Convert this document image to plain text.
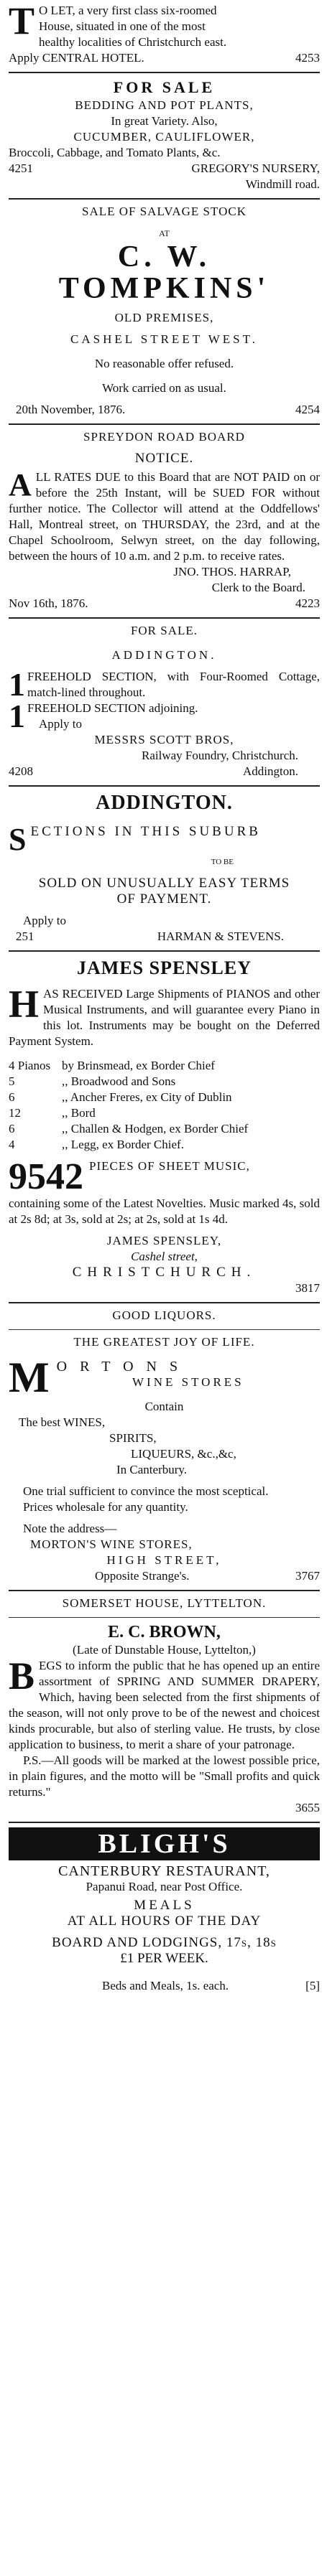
T O LET, a very first class six-roomed

House, situated in one of the most

healthy localities of Christchurch east.

Apply CENTRAL HOTEL.	4253
FOR SALE
BEDDING AND POT PLANTS,
In great Variety. Also,
CUCUMBER, CAULIFLOWER,
Broccoli, Cabbage, and Tomato Plants, &c.
4251	GREGORY'S NURSERY,
Windmill road.
SALE OF SALVAGE STOCK
AT
C. W. TOMPKINS'
OLD PREMISES,
CASHEL STREET WEST.
No reasonable offer refused.
Work carried on as usual.
20th November, 1876.	4254
SPREYDON ROAD BOARD
NOTICE.
A LL RATES DUE to this Board that are NOT PAID on or before the 25th Instant, will be SUED FOR without further notice. The Collector will attend at the Oddfellows' Hall, Montreal street, on THURSDAY, the 23rd, and at the Chapel Schoolroom, Selwyn street, on the day following, between the hours of 10 a.m. and 2 p.m. to receive rates.

JNO. THOS. HARRAP,
Clerk to the Board.
Nov 16th, 1876.	4223
FOR SALE.
ADDINGTON.
1 FREEHOLD SECTION, with Four-Roomed Cottage, match-lined throughout.

1 FREEHOLD SECTION adjoining.

Apply to

MESSRS SCOTT BROS,
Railway Foundry, Christchurch.
4208	Addington.
ADDINGTON.
S ECTIONS IN THIS SUBURB

TO BE
SOLD ON UNUSUALLY EASY TERMS
OF PAYMENT.
Apply to
251	HARMAN & STEVENS.
JAMES SPENSLEY
H AS RECEIVED Large Shipments of PIANOS and other Musical Instruments, and will guarantee every Piano in this lot. Instruments may be bought on the Deferred Payment System.

4 Pianos by Brinsmead, ex Border Chief
5	,, Broadwood and Sons
6	,, Ancher Freres, ex City of Dublin
12	,, Bord
6	,, Challen & Hodgen, ex Border Chief
4	,, Legg, ex Border Chief.
9542 PIECES OF SHEET MUSIC,

containing some of the Latest Novelties. Music marked 4s, sold at 2s 8d; at 3s, sold at 2s; at 2s, sold at 1s 4d.

JAMES SPENSLEY,
Cashel street,
CHRISTCHURCH.
3817
GOOD LIQUORS.
THE GREATEST JOY OF LIFE.
M ORTONS
WINE STORES
Contain
The best WINES,
SPIRITS,
LIQUEURS, &c.,&c,
In Canterbury.

One trial sufficient to convince the most sceptical.

Prices wholesale for any quantity.
Note the address—
MORTON'S WINE STORES,
HIGH STREET,
Opposite Strange's.	3767
SOMERSET HOUSE, LYTTELTON.
E. C. BROWN,
(Late of Dunstable House, Lyttelton,)
B EGS to inform the public that he has opened up an entire assortment of SPRING AND SUMMER DRAPERY, Which, having been selected from the first shipments of the season, will not only prove to be of the newest and choicest kinds procurable, but also of sterling value. He trusts, by close application to business, to merit a share of your patronage.

P.S.—All goods will be marked at the lowest possible price, in plain figures, and the motto will be "Small profits and quick returns."

3655
BLIGH'S
CANTERBURY RESTAURANT,
Papanui Road, near Post Office.
MEALS
AT ALL HOURS OF THE DAY
BOARD AND LODGINGS, 17s, 18s
£1 PER WEEK.
Beds and Meals, 1s. each.	[5]
